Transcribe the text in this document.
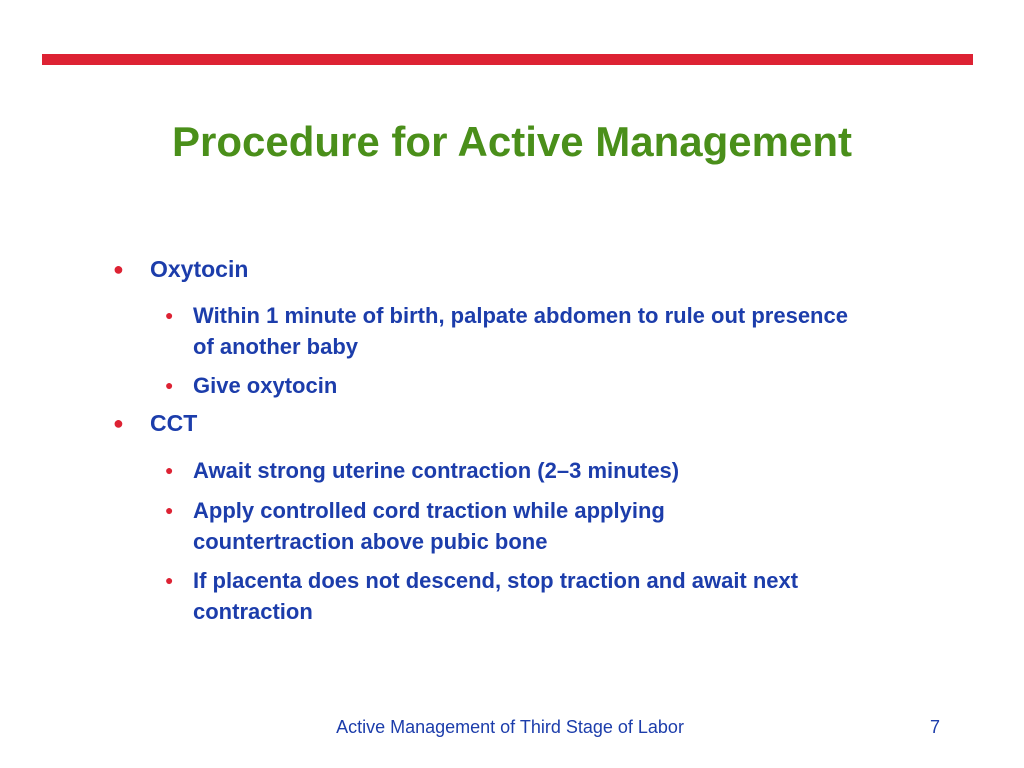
Procedure for Active Management
● Oxytocin
● Within 1 minute of birth, palpate abdomen to rule out presence of another baby
● Give oxytocin
● CCT
● Await strong uterine contraction (2–3 minutes)
● Apply controlled cord traction while applying countertraction above pubic bone
● If placenta does not descend, stop traction and await next contraction
Active Management of Third Stage of Labor	7
